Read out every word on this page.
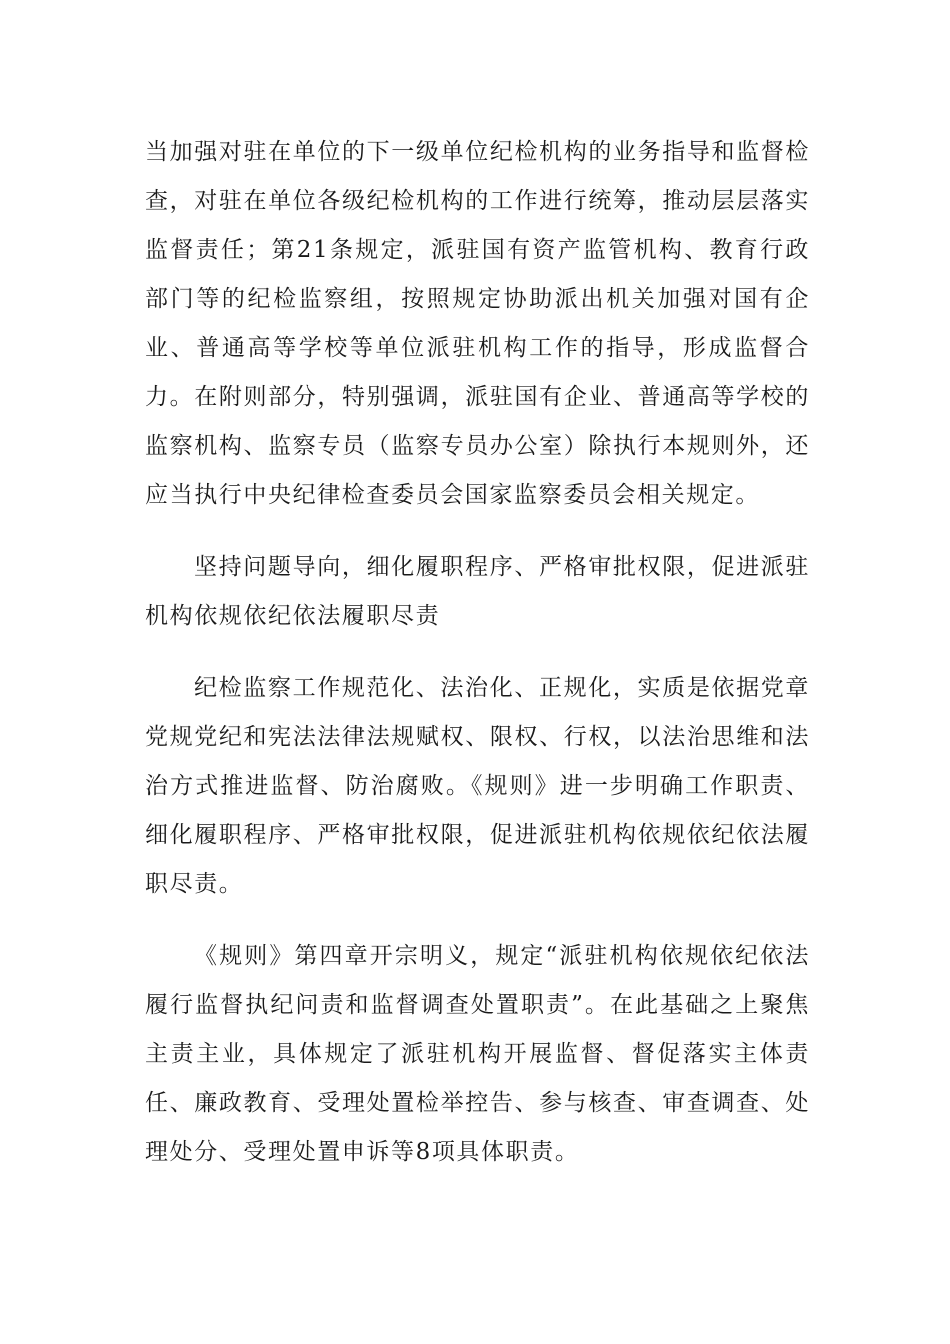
当加强对驻在单位的下一级单位纪检机构的业务指导和监督检查，对驻在单位各级纪检机构的工作进行统筹，推动层层落实监督责任；第21条规定，派驻国有资产监管机构、教育行政部门等的纪检监察组，按照规定协助派出机关加强对国有企业、普通高等学校等单位派驻机构工作的指导，形成监督合力。在附则部分，特别强调，派驻国有企业、普通高等学校的监察机构、监察专员（监察专员办公室）除执行本规则外，还应当执行中央纪律检查委员会国家监察委员会相关规定。

坚持问题导向，细化履职程序、严格审批权限，促进派驻机构依规依纪依法履职尽责

纪检监察工作规范化、法治化、正规化，实质是依据党章党规党纪和宪法法律法规赋权、限权、行权，以法治思维和法治方式推进监督、防治腐败。《规则》进一步明确工作职责、细化履职程序、严格审批权限，促进派驻机构依规依纪依法履职尽责。

《规则》第四章开宗明义，规定“派驻机构依规依纪依法履行监督执纪问责和监督调查处置职责”。在此基础之上聚焦主责主业，具体规定了派驻机构开展监督、督促落实主体责任、廉政教育、受理处置检举控告、参与核查、审查调查、处理处分、受理处置申诉等8项具体职责。
